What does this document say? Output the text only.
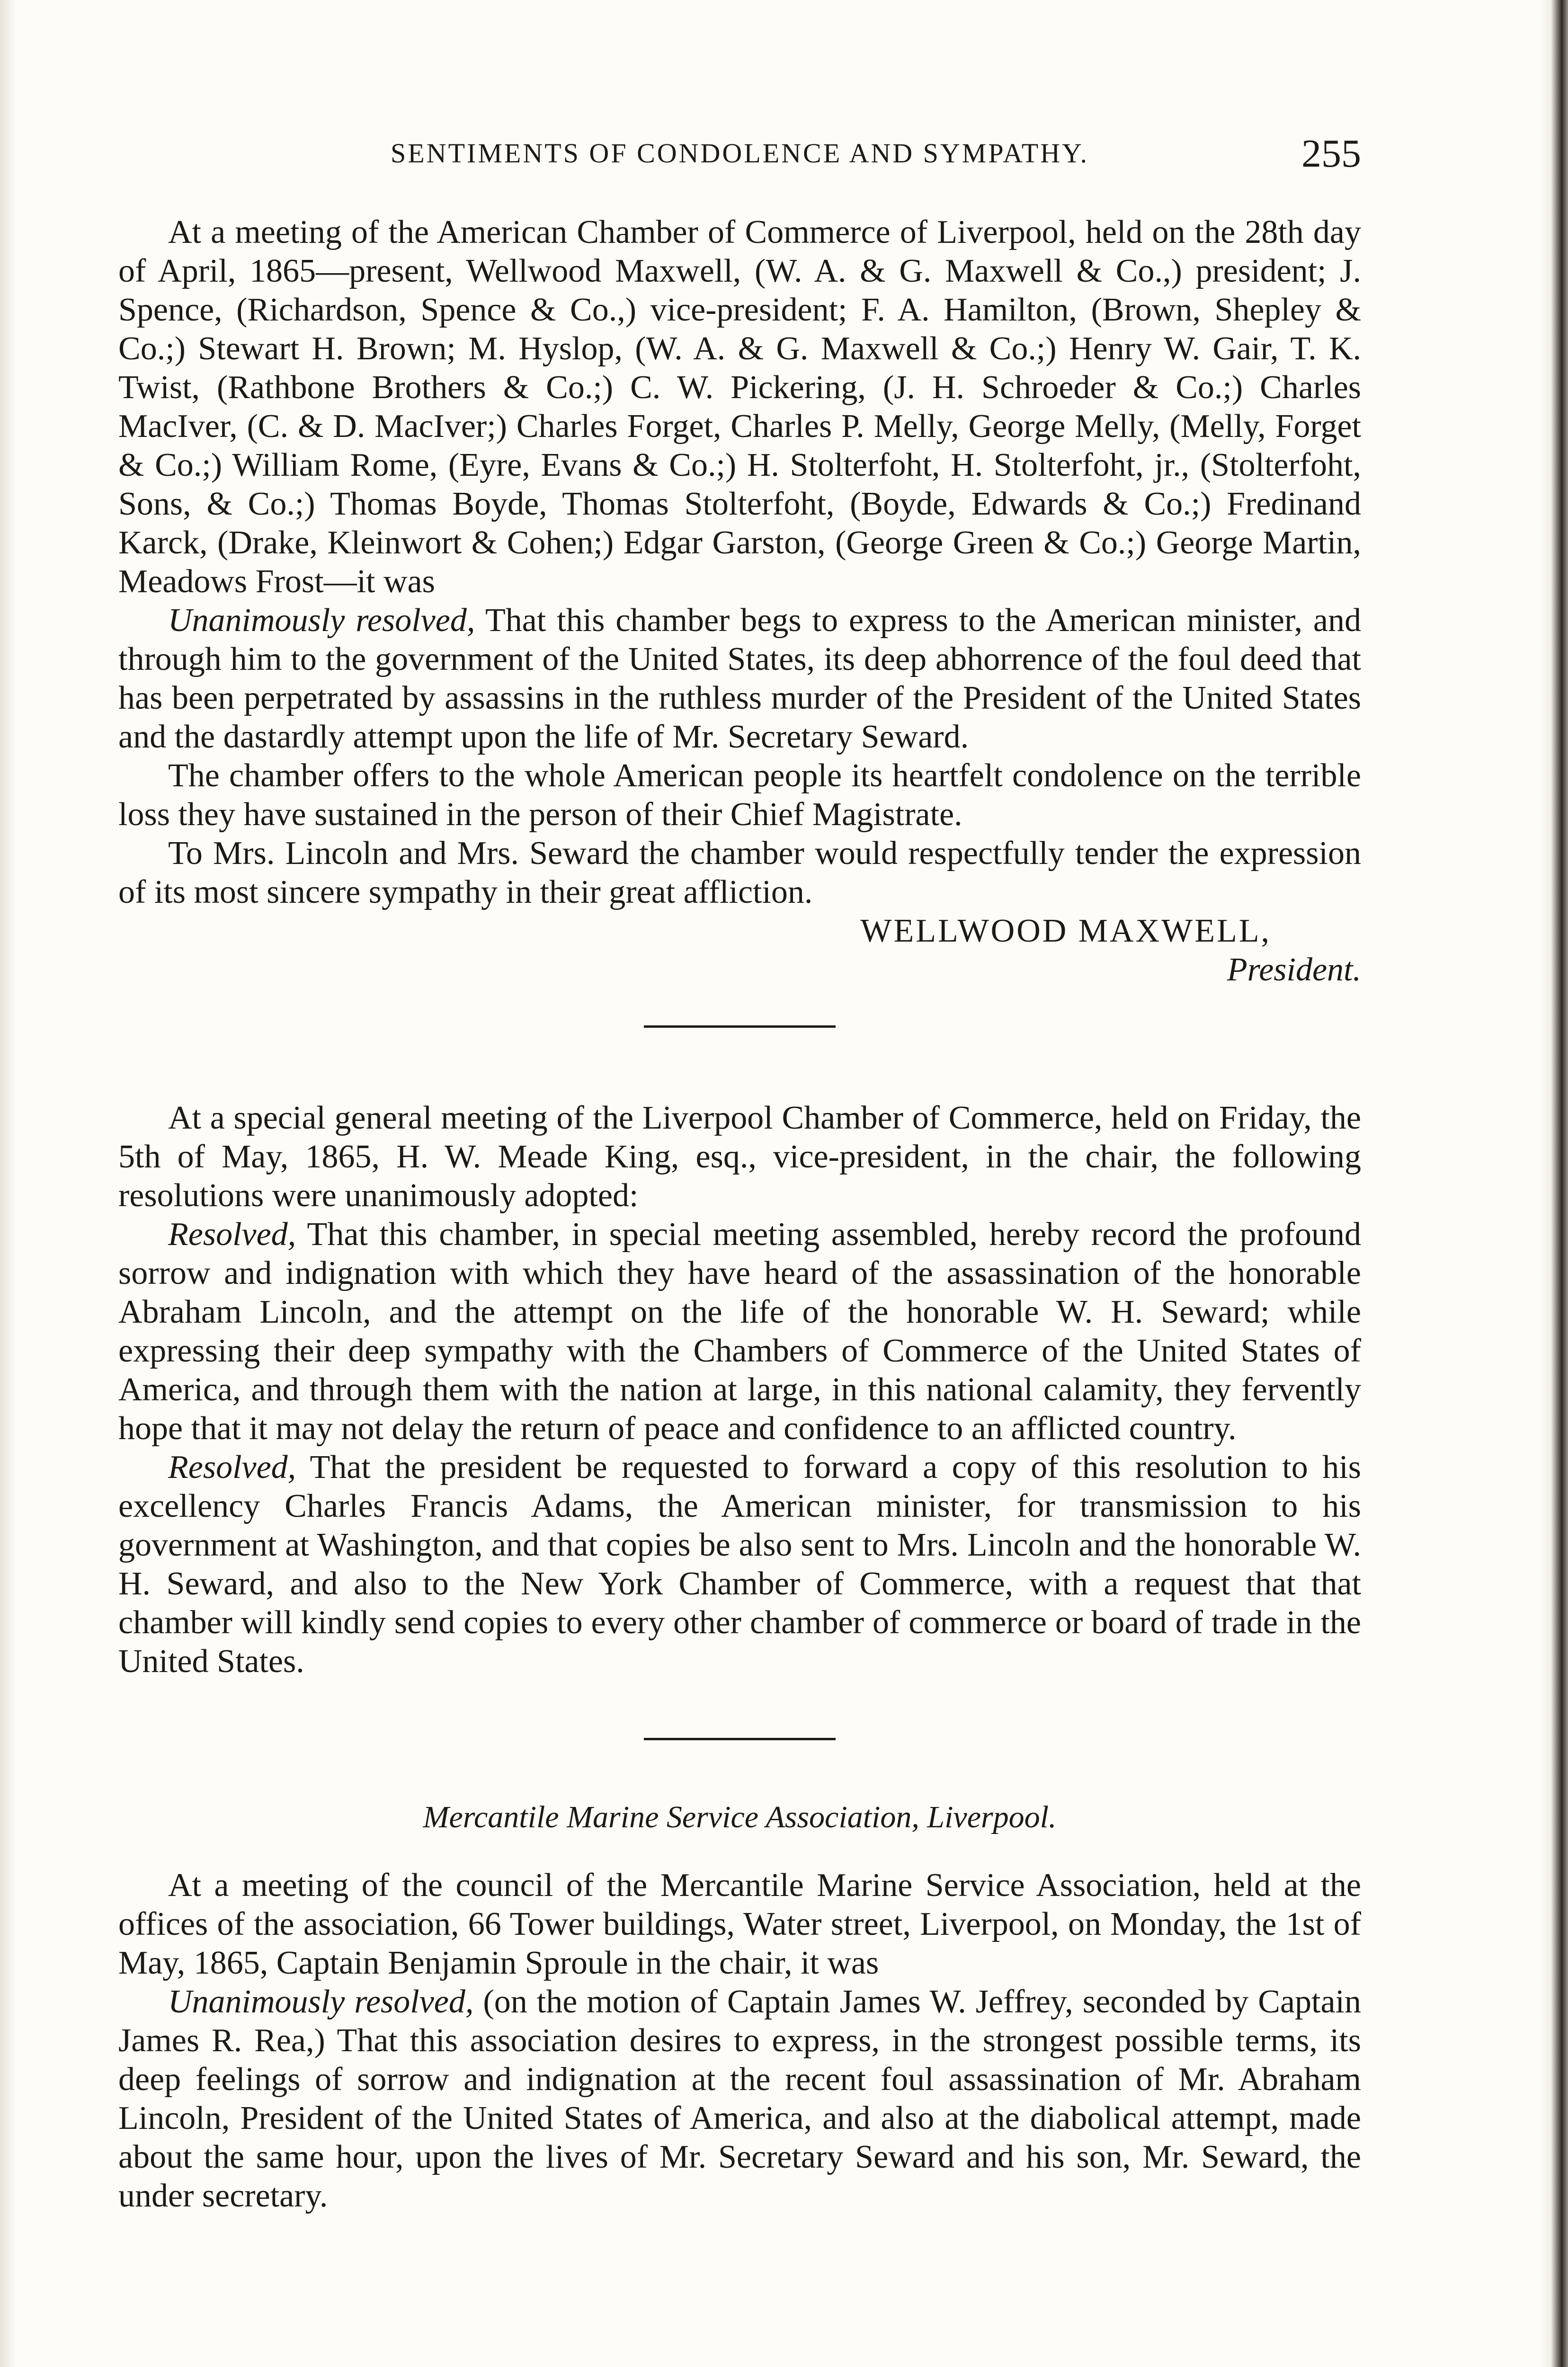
SENTIMENTS OF CONDOLENCE AND SYMPATHY.	255

At a meeting of the American Chamber of Commerce of Liverpool, held on the 28th day of April, 1865—present, Wellwood Maxwell, (W. A. & G. Maxwell & Co.,) president; J. Spence, (Richardson, Spence & Co.,) vice-president; F. A. Hamilton, (Brown, Shepley & Co.;) Stewart H. Brown; M. Hyslop, (W. A. & G. Maxwell & Co.;) Henry W. Gair, T. K. Twist, (Rathbone Brothers & Co.;) C. W. Pickering, (J. H. Schroeder & Co.;) Charles MacIver, (C. & D. MacIver;) Charles Forget, Charles P. Melly, George Melly, (Melly, Forget & Co.;) William Rome, (Eyre, Evans & Co.;) H. Stolterfoht, H. Stolterfoht, jr., (Stolterfoht, Sons, & Co.;) Thomas Boyde, Thomas Stolterfoht, (Boyde, Edwards & Co.;) Fredinand Karck, (Drake, Kleinwort & Cohen;) Edgar Garston, (George Green & Co.;) George Martin, Meadows Frost—it was

Unanimously resolved, That this chamber begs to express to the American minister, and through him to the government of the United States, its deep abhorrence of the foul deed that has been perpetrated by assassins in the ruthless murder of the President of the United States and the dastardly attempt upon the life of Mr. Secretary Seward.

The chamber offers to the whole American people its heartfelt condolence on the terrible loss they have sustained in the person of their Chief Magistrate.

To Mrs. Lincoln and Mrs. Seward the chamber would respectfully tender the expression of its most sincere sympathy in their great affliction.

WELLWOOD MAXWELL,
President.

At a special general meeting of the Liverpool Chamber of Commerce, held on Friday, the 5th of May, 1865, H. W. Meade King, esq., vice-president, in the chair, the following resolutions were unanimously adopted:

Resolved, That this chamber, in special meeting assembled, hereby record the profound sorrow and indignation with which they have heard of the assassination of the honorable Abraham Lincoln, and the attempt on the life of the honorable W. H. Seward; while expressing their deep sympathy with the Chambers of Commerce of the United States of America, and through them with the nation at large, in this national calamity, they fervently hope that it may not delay the return of peace and confidence to an afflicted country.

Resolved, That the president be requested to forward a copy of this resolution to his excellency Charles Francis Adams, the American minister, for transmission to his government at Washington, and that copies be also sent to Mrs. Lincoln and the honorable W. H. Seward, and also to the New York Chamber of Commerce, with a request that that chamber will kindly send copies to every other chamber of commerce or board of trade in the United States.

Mercantile Marine Service Association, Liverpool.

At a meeting of the council of the Mercantile Marine Service Association, held at the offices of the association, 66 Tower buildings, Water street, Liverpool, on Monday, the 1st of May, 1865, Captain Benjamin Sproule in the chair, it was

Unanimously resolved, (on the motion of Captain James W. Jeffrey, seconded by Captain James R. Rea,) That this association desires to express, in the strongest possible terms, its deep feelings of sorrow and indignation at the recent foul assassination of Mr. Abraham Lincoln, President of the United States of America, and also at the diabolical attempt, made about the same hour, upon the lives of Mr. Secretary Seward and his son, Mr. Seward, the under secretary.
